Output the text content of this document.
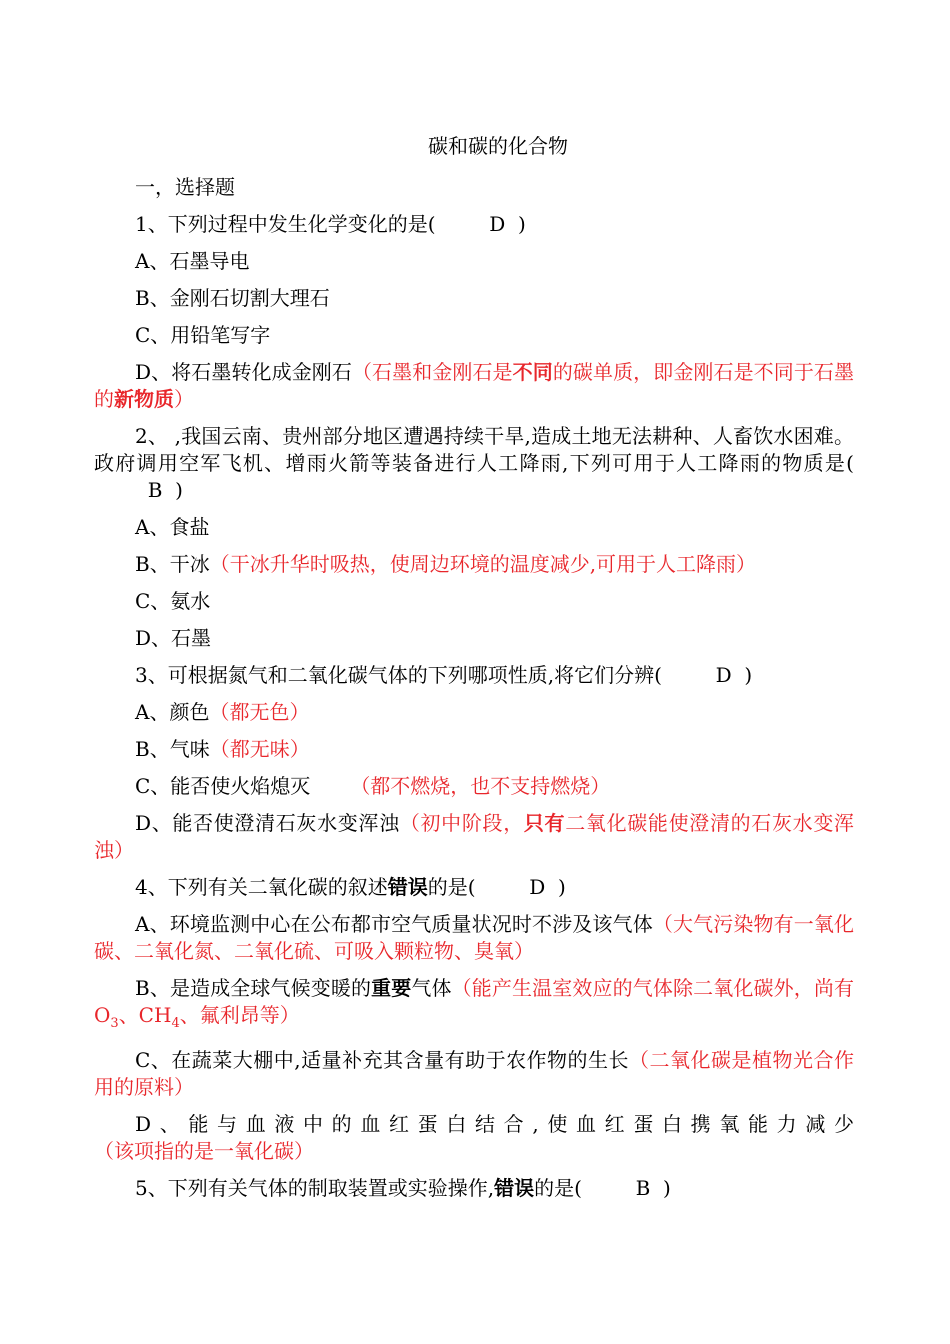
碳和碳的化合物
一，选择题
1、下列过程中发生化学变化的是(  D  )
A、石墨导电
B、金刚石切割大理石
C、用铅笔写字
D、将石墨转化成金刚石（石墨和金刚石是不同的碳单质，即金刚石是不同于石墨的新物质）
2、 ,我国云南、贵州部分地区遭遇持续干旱,造成土地无法耕种、人畜饮水困难。政府调用空军飞机、增雨火箭等装备进行人工降雨,下列可用于人工降雨的物质是(  B  )
A、食盐
B、干冰（干冰升华时吸热，使周边环境的温度减少,可用于人工降雨）
C、氨水
D、石墨
3、可根据氮气和二氧化碳气体的下列哪项性质,将它们分辨(  D  )
A、颜色（都无色）
B、气味（都无味）
C、能否使火焰熄灭 （都不燃烧，也不支持燃烧）
D、能否使澄清石灰水变浑浊（初中阶段，只有二氧化碳能使澄清的石灰水变浑浊）
4、下列有关二氧化碳的叙述错误的是(  D  )
A、环境监测中心在公布都市空气质量状况时不涉及该气体（大气污染物有一氧化碳、二氧化氮、二氧化硫、可吸入颗粒物、臭氧）
B、是造成全球气候变暖的重要气体（能产生温室效应的气体除二氧化碳外，尚有$O_3$、$CH_4$、氟利昂等）
C、在蔬菜大棚中,适量补充其含量有助于农作物的生长（二氧化碳是植物光合作用的原料）
D、能与血液中的血红蛋白结合,使血红蛋白携氧能力减少（该项指的是一氧化碳）
5、下列有关气体的制取装置或实验操作,错误的是(  B  )
